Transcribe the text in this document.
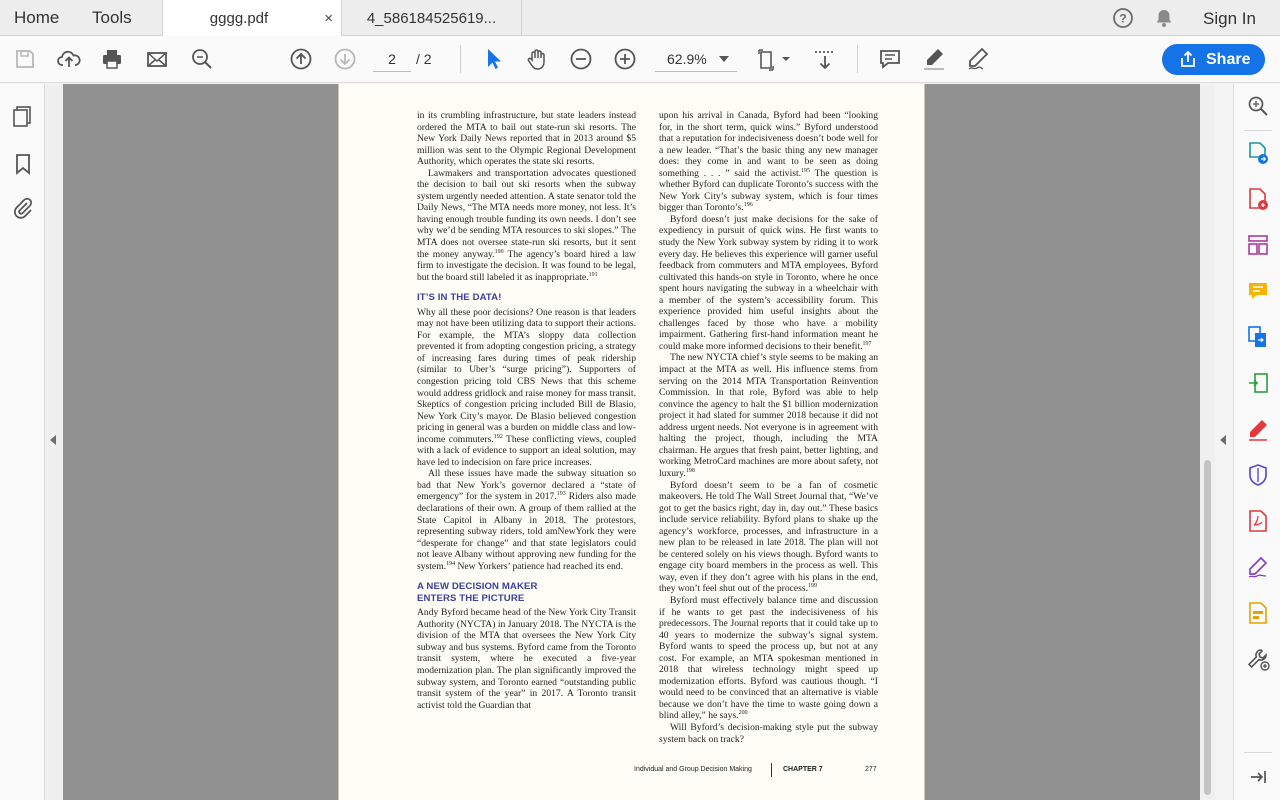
Home Tools	gggg.pdf	×	4_586184525619...	?	Sign In
2
/ 2	62.9%	Share

in its crumbling infrastructure, but state leaders instead ordered the MTA to bail out state-run ski resorts. The New York Daily News reported that in 2013 around $5 million was sent to the Olympic Regional Development Authority, which operates the state ski resorts.

Lawmakers and transportation advocates questioned the decision to bail out ski resorts when the subway system urgently needed attention. A state senator told the Daily News, “The MTA needs more money, not less. It’s having enough trouble funding its own needs. I don’t see why we’d be sending MTA resources to ski slopes.” The MTA does not oversee state-run ski resorts, but it sent the money anyway.$^{190}$ The agency’s board hired a law firm to investigate the decision. It was found to be legal, but the board still labeled it as inappropriate.$^{191}$

IT’S IN THE DATA!

Why all these poor decisions? One reason is that leaders may not have been utilizing data to support their actions. For example, the MTA’s sloppy data collection prevented it from adopting congestion pricing, a strategy of increasing fares during times of peak ridership (similar to Uber’s “surge pricing”). Supporters of congestion pricing told CBS News that this scheme would address gridlock and raise money for mass transit. Skeptics of congestion pricing included Bill de Blasio, New York City’s mayor. De Blasio believed congestion pricing in general was a burden on middle class and low-income commuters.$^{192}$ These conflicting views, coupled with a lack of evidence to support an ideal solution, may have led to indecision on fare price increases.

All these issues have made the subway situation so bad that New York’s governor declared a “state of emergency” for the system in 2017.$^{193}$ Riders also made declarations of their own. A group of them rallied at the State Capitol in Albany in 2018. The protestors, representing subway riders, told amNewYork they were “desperate for change” and that state legislators could not leave Albany without approving new funding for the system.$^{194}$ New Yorkers’ patience had reached its end.

A NEW DECISION MAKER
ENTERS THE PICTURE

Andy Byford became head of the New York City Transit Authority (NYCTA) in January 2018. The NYCTA is the division of the MTA that oversees the New York City subway and bus systems. Byford came from the Toronto transit system, where he executed a five-year modernization plan. The plan significantly improved the subway system, and Toronto earned “outstanding public transit system of the year” in 2017. A Toronto transit activist told the Guardian that

upon his arrival in Canada, Byford had been “looking for, in the short term, quick wins.” Byford understood that a reputation for indecisiveness doesn’t bode well for a new leader. “That’s the basic thing any new manager does: they come in and want to be seen as doing something . . . ” said the activist.$^{195}$ The question is whether Byford can duplicate Toronto’s success with the New York City’s subway system, which is four times bigger than Toronto’s.$^{196}$

Byford doesn’t just make decisions for the sake of expediency in pursuit of quick wins. He first wants to study the New York subway system by riding it to work every day. He believes this experience will garner useful feedback from commuters and MTA employees. Byford cultivated this hands-on style in Toronto, where he once spent hours navigating the subway in a wheelchair with a member of the system’s accessibility forum. This experience provided him useful insights about the challenges faced by those who have a mobility impairment. Gathering first-hand information meant he could make more informed decisions to their benefit.$^{197}$

The new NYCTA chief’s style seems to be making an impact at the MTA as well. His influence stems from serving on the 2014 MTA Transportation Reinvention Commission. In that role, Byford was able to help convince the agency to halt the $1 billion modernization project it had slated for summer 2018 because it did not address urgent needs. Not everyone is in agreement with halting the project, though, including the MTA chairman. He argues that fresh paint, better lighting, and working MetroCard machines are more about safety, not luxury.$^{198}$

Byford doesn’t seem to be a fan of cosmetic makeovers. He told The Wall Street Journal that, “We’ve got to get the basics right, day in, day out.” These basics include service reliability. Byford plans to shake up the agency’s workforce, processes, and infrastructure in a new plan to be released in late 2018. The plan will not be centered solely on his views though. Byford wants to engage city board members in the process as well. This way, even if they don’t agree with his plans in the end, they won’t feel shut out of the process.$^{199}$

Byford must effectively balance time and discussion if he wants to get past the indecisiveness of his predecessors. The Journal reports that it could take up to 40 years to modernize the subway’s signal system. Byford wants to speed the process up, but not at any cost. For example, an MTA spokesman mentioned in 2018 that wireless technology might speed up modernization efforts. Byford was cautious though. “I would need to be convinced that an alternative is viable because we don’t have the time to waste going down a blind alley,” he says.$^{200}$

Will Byford’s decision-making style put the subway system back on track?

Individual and Group Decision Making	CHAPTER 7	277
